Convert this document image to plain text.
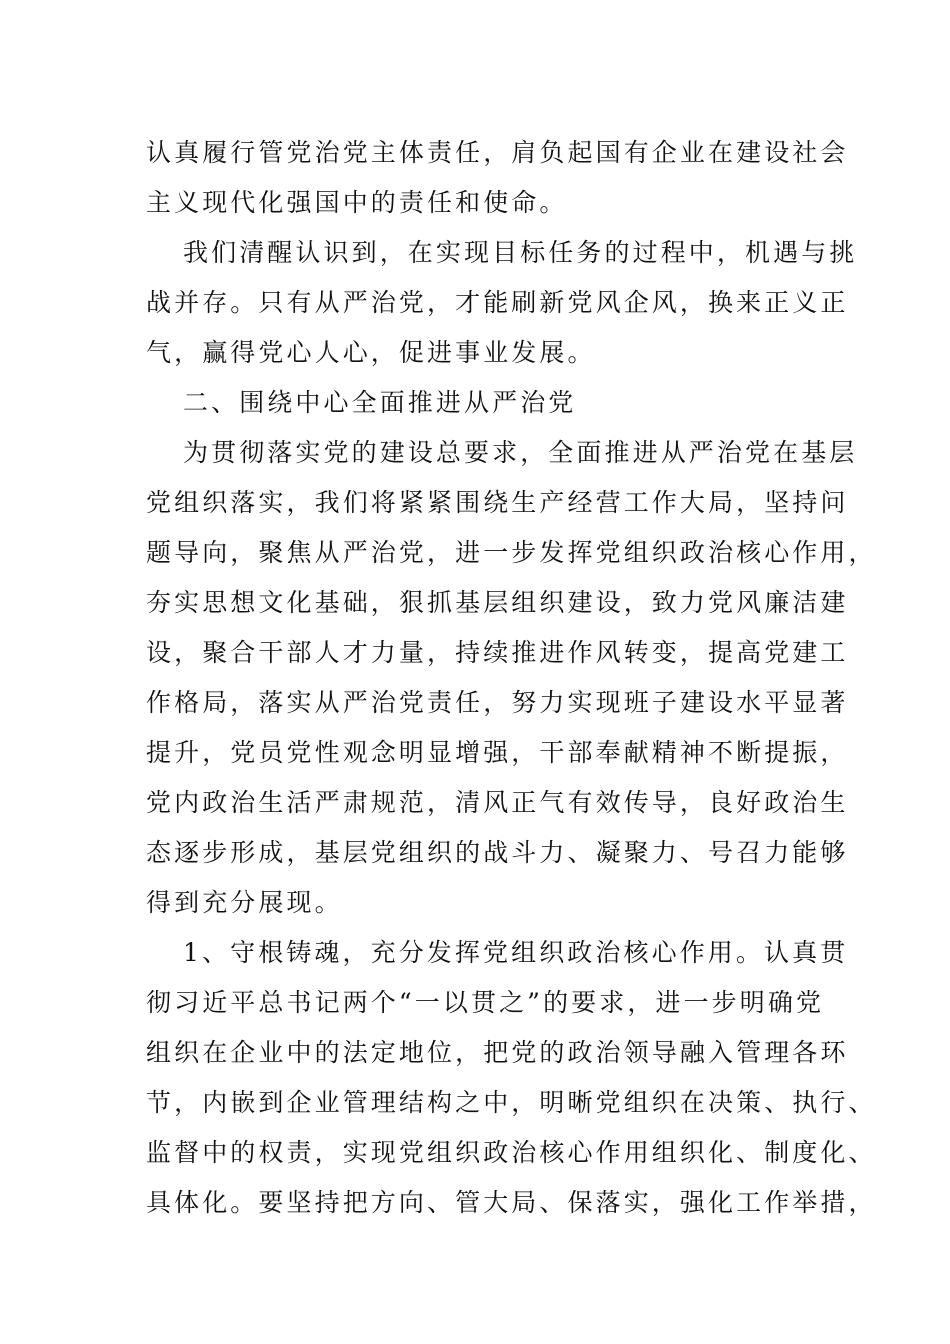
认真履行管党治党主体责任，肩负起国有企业在建设社会
主义现代化强国中的责任和使命。
我们清醒认识到，在实现目标任务的过程中，机遇与挑
战并存。只有从严治党，才能刷新党风企风，换来正义正
气，赢得党心人心，促进事业发展。
二、围绕中心全面推进从严治党
为贯彻落实党的建设总要求，全面推进从严治党在基层
党组织落实，我们将紧紧围绕生产经营工作大局，坚持问
题导向，聚焦从严治党，进一步发挥党组织政治核心作用，
夯实思想文化基础，狠抓基层组织建设，致力党风廉洁建
设，聚合干部人才力量，持续推进作风转变，提高党建工
作格局，落实从严治党责任，努力实现班子建设水平显著
提升，党员党性观念明显增强，干部奉献精神不断提振，
党内政治生活严肃规范，清风正气有效传导，良好政治生
态逐步形成，基层党组织的战斗力、凝聚力、号召力能够
得到充分展现。
1、守根铸魂，充分发挥党组织政治核心作用。认真贯
彻习近平总书记两个“一以贯之”的要求，进一步明确党
组织在企业中的法定地位，把党的政治领导融入管理各环
节，内嵌到企业管理结构之中，明晰党组织在决策、执行、
监督中的权责，实现党组织政治核心作用组织化、制度化、
具体化。要坚持把方向、管大局、保落实，强化工作举措，
